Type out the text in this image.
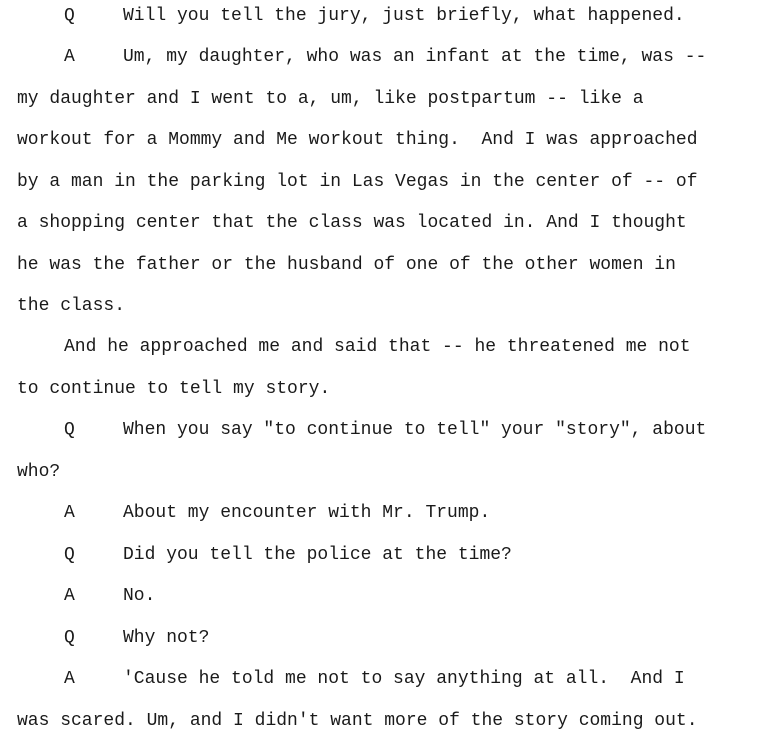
Q	Will you tell the jury, just briefly, what happened.
A	Um, my daughter, who was an infant at the time, was --
my daughter and I went to a, um, like postpartum -- like a
workout for a Mommy and Me workout thing.  And I was approached
by a man in the parking lot in Las Vegas in the center of -- of
a shopping center that the class was located in. And I thought
he was the father or the husband of one of the other women in
the class.
And he approached me and said that -- he threatened me not
to continue to tell my story.
Q	When you say "to continue to tell" your "story", about
who?
A	About my encounter with Mr. Trump.
Q	Did you tell the police at the time?
A	No.
Q	Why not?
A	'Cause he told me not to say anything at all.  And I
was scared. Um, and I didn't want more of the story coming out.
